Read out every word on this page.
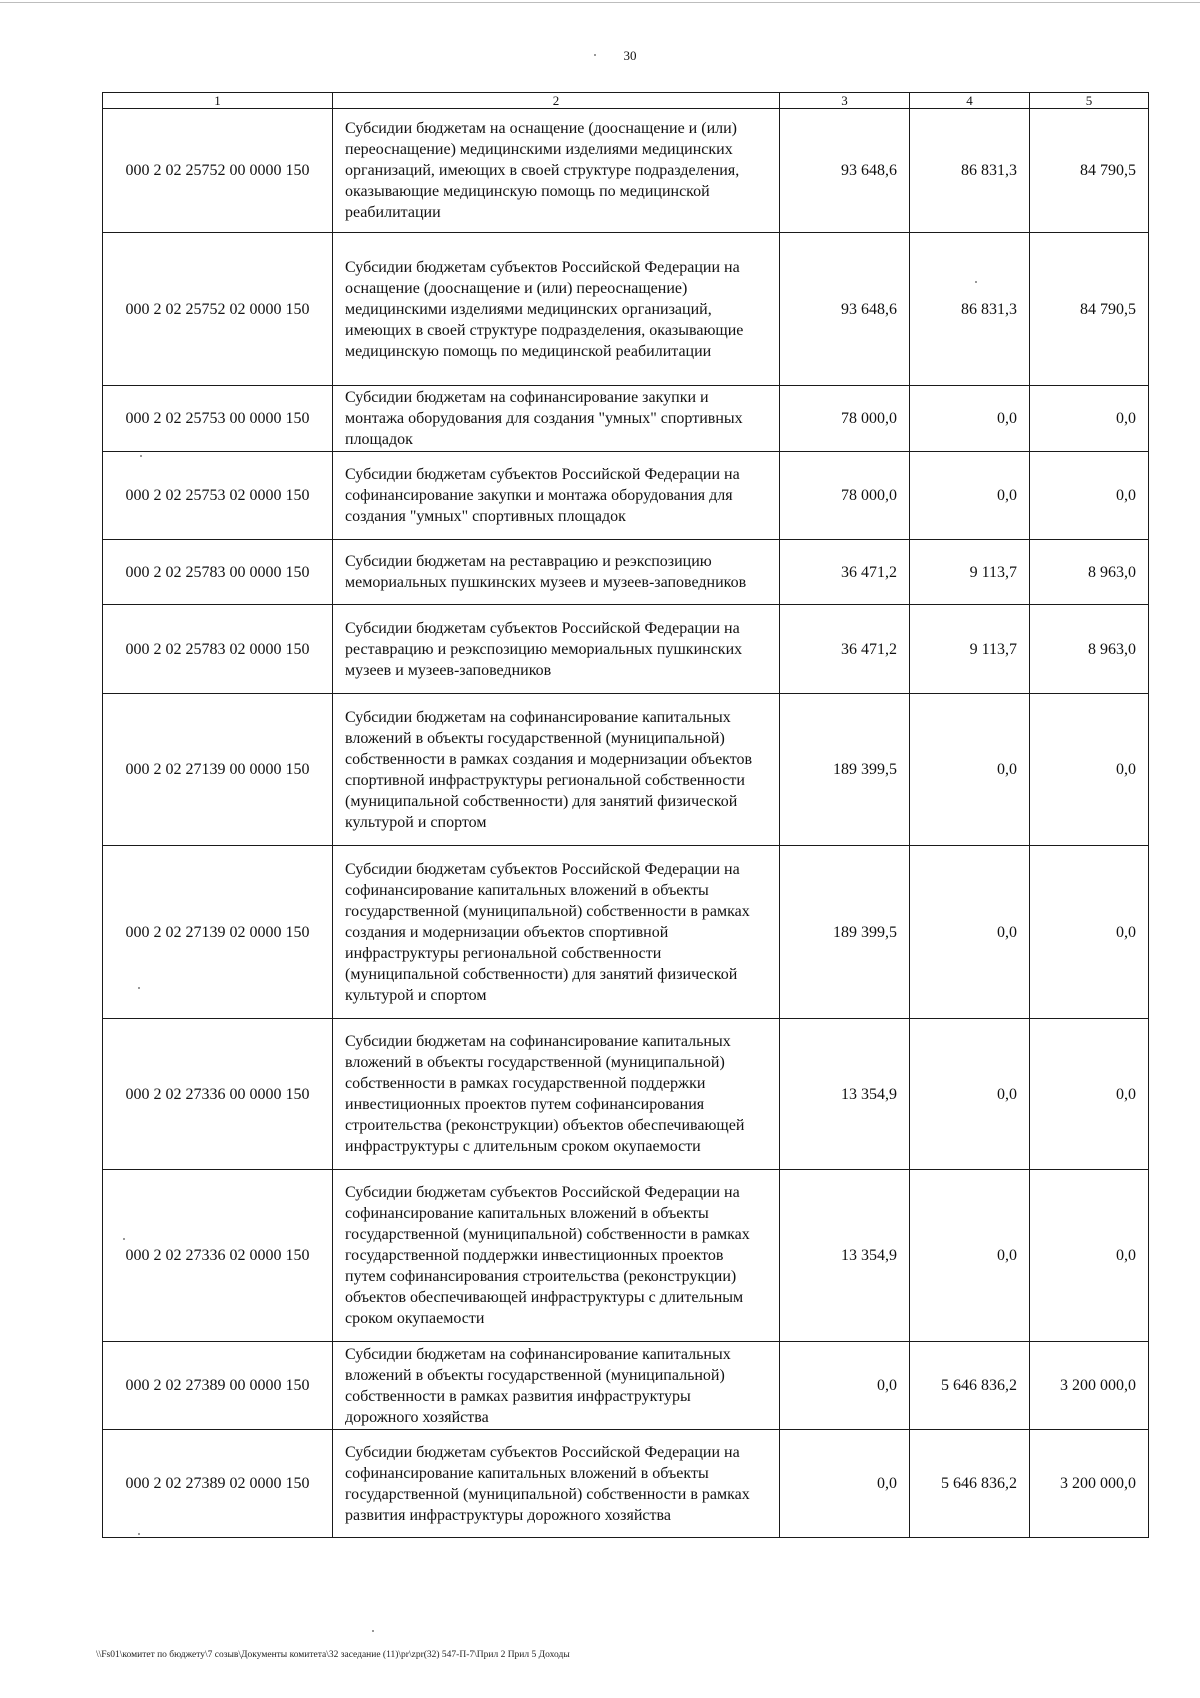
30
1	2	3	4	5
000 2 02 25752 00 0000 150	Субсидии бюджетам на оснащение (дооснащение и (или) переоснащение) медицинскими изделиями медицинских организаций, имеющих в своей структуре подразделения, оказывающие медицинскую помощь по медицинской реабилитации	93 648,6	86 831,3	84 790,5
000 2 02 25752 02 0000 150	Субсидии бюджетам субъектов Российской Федерации на оснащение (дооснащение и (или) переоснащение) медицинскими изделиями медицинских организаций, имеющих в своей структуре подразделения, оказывающие медицинскую помощь по медицинской реабилитации	93 648,6	86 831,3	84 790,5
000 2 02 25753 00 0000 150	Субсидии бюджетам на софинансирование закупки и монтажа оборудования для создания "умных" спортивных площадок	78 000,0	0,0	0,0
000 2 02 25753 02 0000 150	Субсидии бюджетам субъектов Российской Федерации на софинансирование закупки и монтажа оборудования для создания "умных" спортивных площадок	78 000,0	0,0	0,0
000 2 02 25783 00 0000 150	Субсидии бюджетам на реставрацию и реэкспозицию мемориальных пушкинских музеев и музеев-заповедников	36 471,2	9 113,7	8 963,0
000 2 02 25783 02 0000 150	Субсидии бюджетам субъектов Российской Федерации на реставрацию и реэкспозицию мемориальных пушкинских музеев и музеев-заповедников	36 471,2	9 113,7	8 963,0
000 2 02 27139 00 0000 150	Субсидии бюджетам на софинансирование капитальных вложений в объекты государственной (муниципальной) собственности в рамках создания и модернизации объектов спортивной инфраструктуры региональной собственности (муниципальной собственности) для занятий физической культурой и спортом	189 399,5	0,0	0,0
000 2 02 27139 02 0000 150	Субсидии бюджетам субъектов Российской Федерации на софинансирование капитальных вложений в объекты государственной (муниципальной) собственности в рамках создания и модернизации объектов спортивной инфраструктуры региональной собственности (муниципальной собственности) для занятий физической культурой и спортом	189 399,5	0,0	0,0
000 2 02 27336 00 0000 150	Субсидии бюджетам на софинансирование капитальных вложений в объекты государственной (муниципальной) собственности в рамках государственной поддержки инвестиционных проектов путем софинансирования строительства (реконструкции) объектов обеспечивающей инфраструктуры с длительным сроком окупаемости	13 354,9	0,0	0,0
000 2 02 27336 02 0000 150	Субсидии бюджетам субъектов Российской Федерации на софинансирование капитальных вложений в объекты государственной (муниципальной) собственности в рамках государственной поддержки инвестиционных проектов путем софинансирования строительства (реконструкции) объектов обеспечивающей инфраструктуры с длительным сроком окупаемости	13 354,9	0,0	0,0
000 2 02 27389 00 0000 150	Субсидии бюджетам на софинансирование капитальных вложений в объекты государственной (муниципальной) собственности в рамках развития инфраструктуры дорожного хозяйства	0,0	5 646 836,2	3 200 000,0
000 2 02 27389 02 0000 150	Субсидии бюджетам субъектов Российской Федерации на софинансирование капитальных вложений в объекты государственной (муниципальной) собственности в рамках развития инфраструктуры дорожного хозяйства	0,0	5 646 836,2	3 200 000,0
\\Fs01\комитет по бюджету\7 созыв\Документы комитета\32 заседание (11)\pr\zpr(32) 547-П-7\Прил 2 Прил 5 Доходы
